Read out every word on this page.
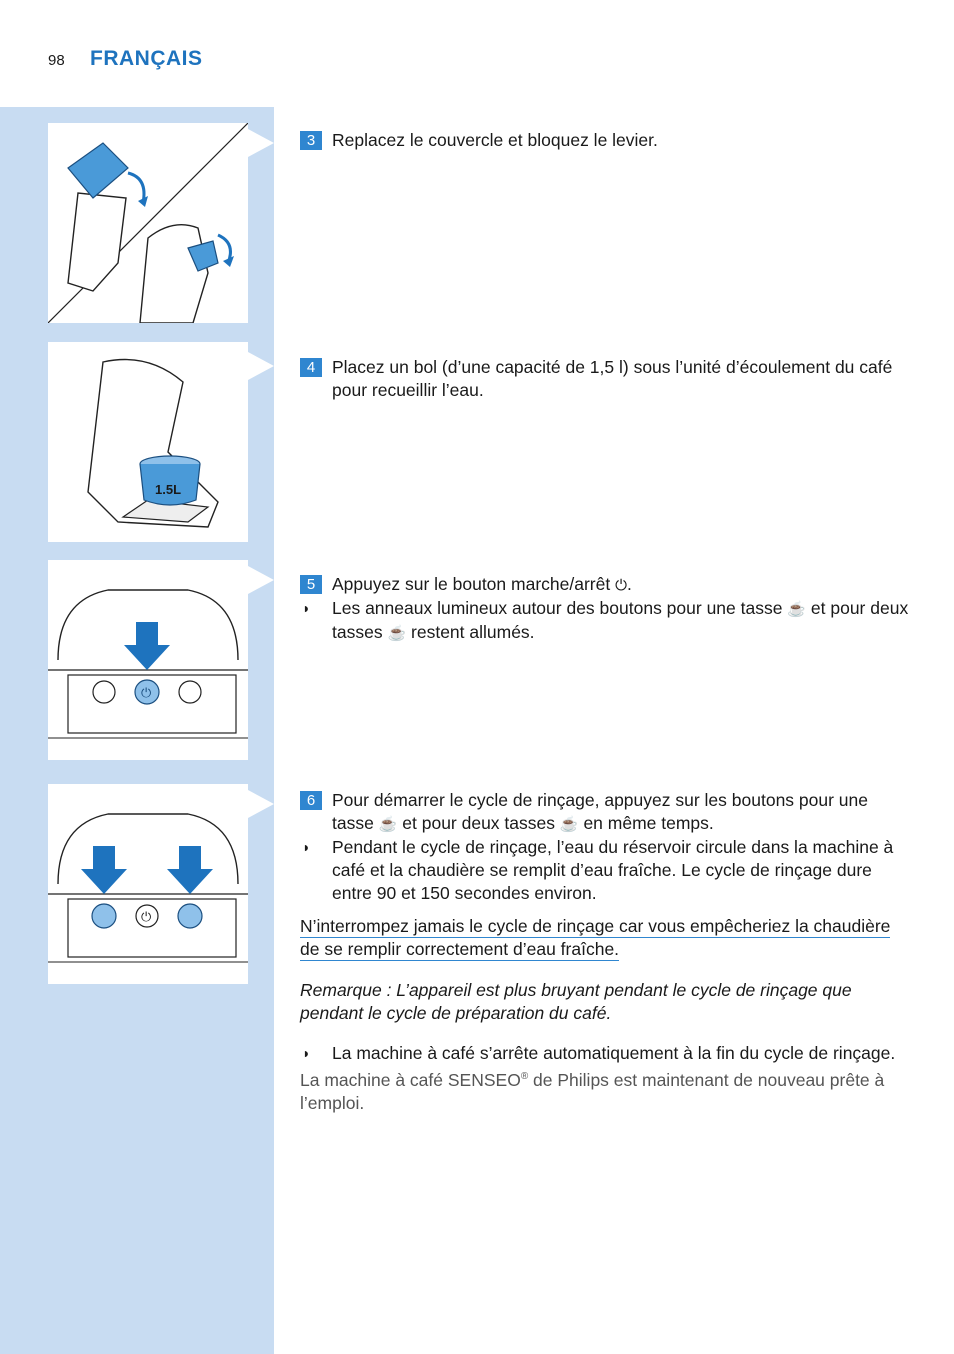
98 FRANÇAIS
1.5L
⏻
⏻

3 Replacez le couvercle et bloquez le levier.

4 Placez un bol (d’une capacité de 1,5 l) sous l’unité d’écoulement du café pour recueillir l’eau.

5 Appuyez sur le bouton marche/arrêt ⏻.

◗ Les anneaux lumineux autour des boutons pour une tasse ☕ et pour deux tasses ☕ restent allumés.

6 Pour démarrer le cycle de rinçage, appuyez sur les boutons pour une tasse ☕ et pour deux tasses ☕ en même temps.

◗ Pendant le cycle de rinçage, l’eau du réservoir circule dans la machine à café et la chaudière se remplit d’eau fraîche. Le cycle de rinçage dure entre 90 et 150 secondes environ.

N’interrompez jamais le cycle de rinçage car vous empêcheriez la chaudière de se remplir correctement d’eau fraîche.

Remarque : L’appareil est plus bruyant pendant le cycle de rinçage que pendant le cycle de préparation du café.

◗ La machine à café s’arrête automatiquement à la fin du cycle de rinçage.

La machine à café SENSEO® de Philips est maintenant de nouveau prête à l’emploi.
